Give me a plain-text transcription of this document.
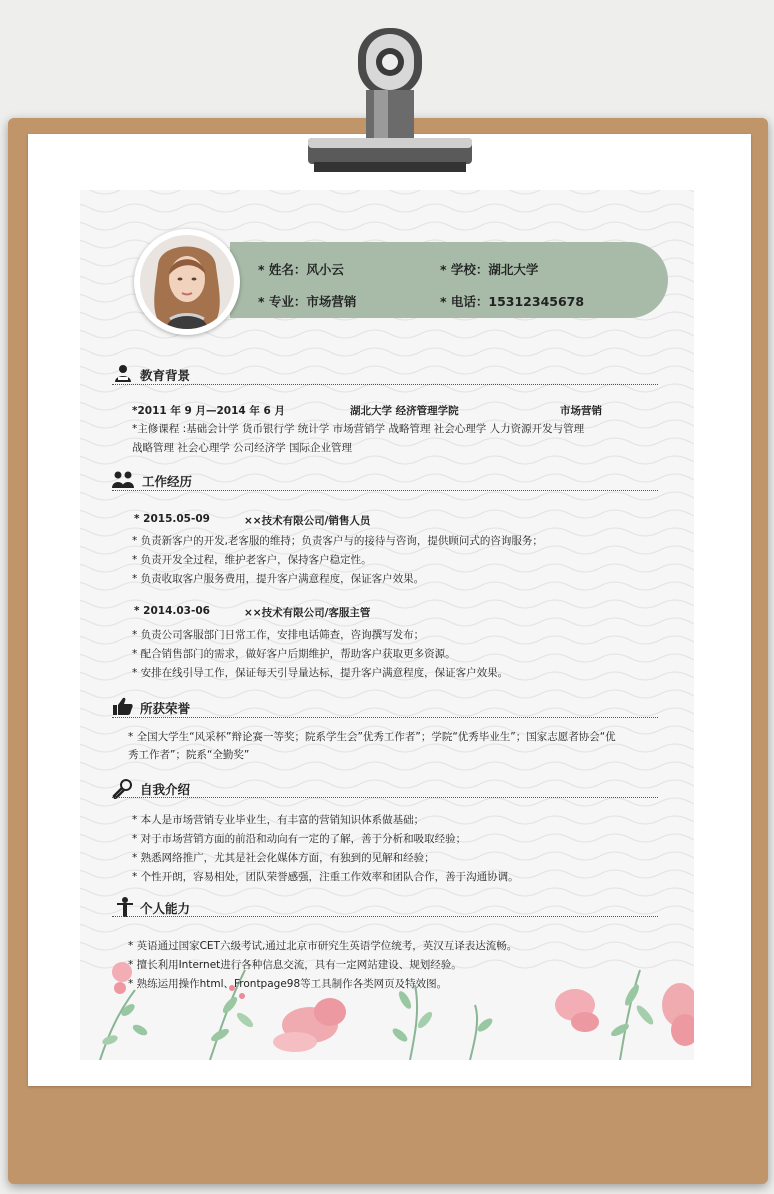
* 姓名：风小云	* 学校：湖北大学
* 专业：市场营销	* 电话：15312345678
教育背景
*2011 年 9 月—2014 年 6 月	湖北大学 经济管理学院	市场营销
*主修课程 :基础会计学 货币银行学 统计学 市场营销学 战略管理 社会心理学 人力资源开发与管理
战略管理 社会心理学 公司经济学 国际企业管理
工作经历
* 2015.05-09	××技术有限公司/销售人员
* 负责新客户的开发,老客服的维持；负责客户与的接待与咨询，提供顾问式的咨询服务；
* 负责开发全过程，维护老客户，保持客户稳定性。
* 负责收取客户服务费用，提升客户满意程度，保证客户效果。
* 2014.03-06	××技术有限公司/客服主管
* 负责公司客服部门日常工作，安排电话筛查，咨询撰写发布；
* 配合销售部门的需求，做好客户后期维护，帮助客户获取更多资源。
* 安排在线引导工作，保证每天引导量达标，提升客户满意程度，保证客户效果。
所获荣誉
* 全国大学生“风采杯”辩论赛一等奖；院系学生会”优秀工作者”；学院“优秀毕业生”；国家志愿者协会“优
秀工作者”；院系“全勤奖”
自我介绍
* 本人是市场营销专业毕业生，有丰富的营销知识体系做基础；
* 对于市场营销方面的前沿和动向有一定的了解，善于分析和吸取经验；
* 熟悉网络推广，尤其是社会化媒体方面，有独到的见解和经验；
* 个性开朗，容易相处，团队荣誉感强，注重工作效率和团队合作，善于沟通协调。
个人能力
* 英语通过国家CET六级考试,通过北京市研究生英语学位统考，英汉互译表达流畅。
* 擅长利用Internet进行各种信息交流，具有一定网站建设、规划经验。
* 熟练运用操作html、Frontpage98等工具制作各类网页及特效图。
